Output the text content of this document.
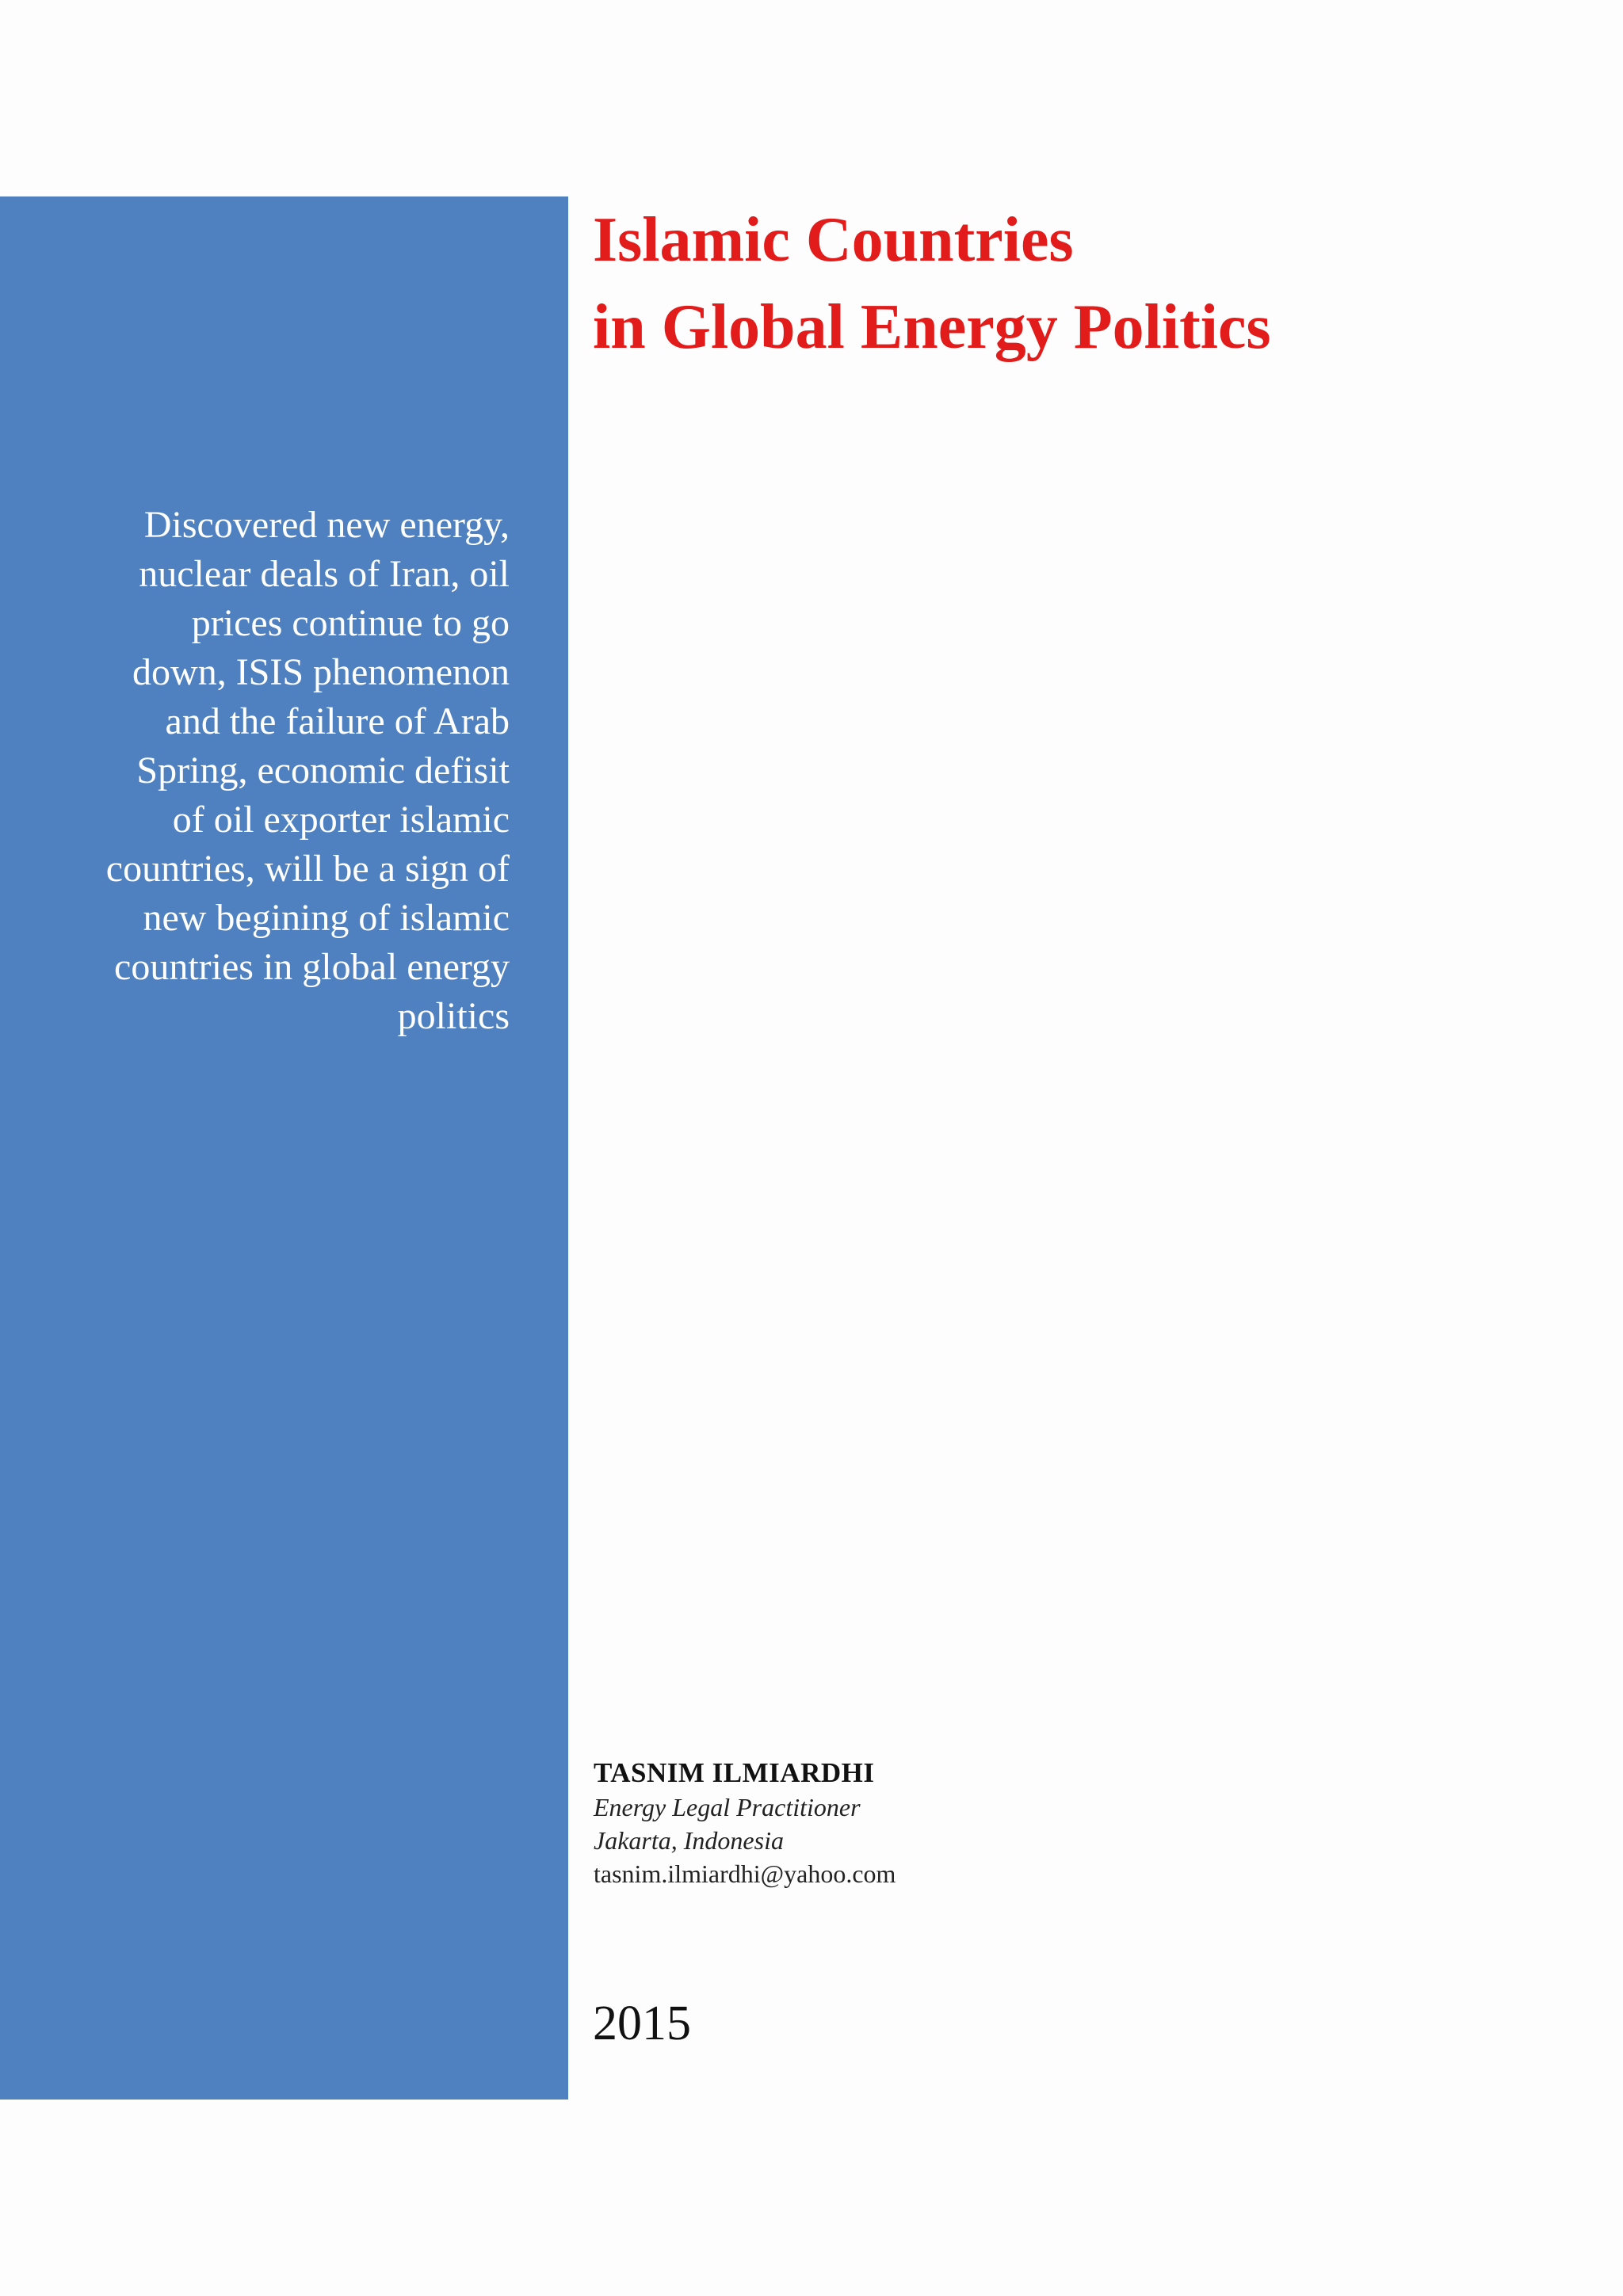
Discovered new energy,
nuclear deals of Iran, oil
prices continue to go
down, ISIS phenomenon
and the failure of Arab
Spring, economic defisit
of oil exporter islamic
countries, will be a sign of
new begining of islamic
countries in global energy
politics

Islamic Countries
in Global Energy Politics
TASNIM ILMIARDHI
Energy Legal Practitioner
Jakarta, Indonesia
tasnim.ilmiardhi@yahoo.com
2015
